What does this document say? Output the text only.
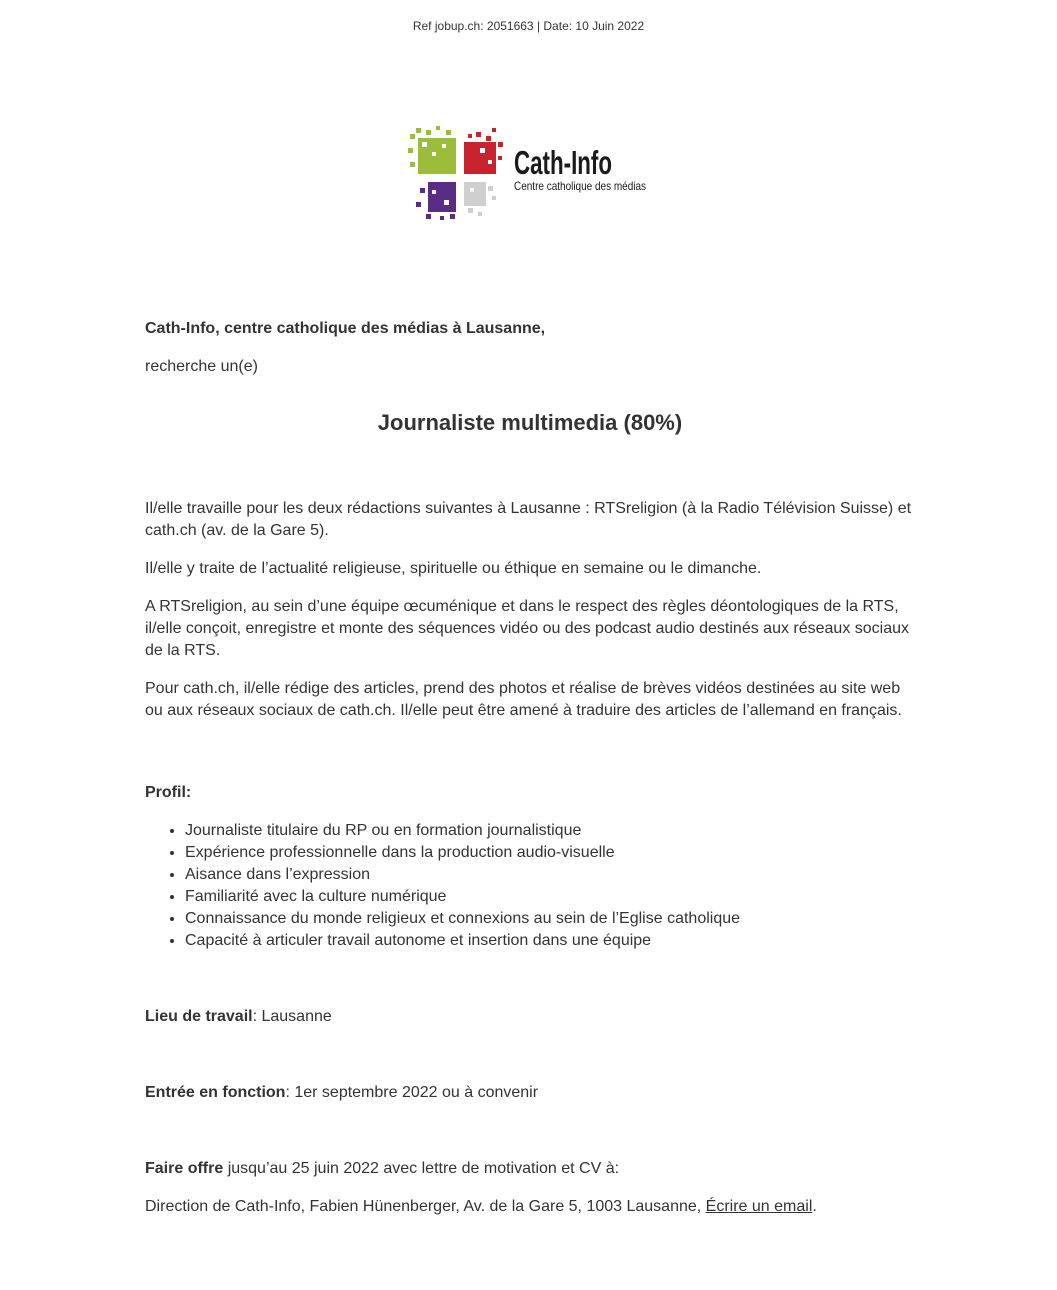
Ref jobup.ch: 2051663 | Date: 10 Juin 2022
Cath-Info
Centre catholique des médias

Cath-Info, centre catholique des médias à Lausanne,

recherche un(e)

Journaliste multimedia (80%)

Il/elle travaille pour les deux rédactions suivantes à Lausanne : RTSreligion (à la Radio Télévision Suisse) et cath.ch (av. de la Gare 5).

Il/elle y traite de l’actualité religieuse, spirituelle ou éthique en semaine ou le dimanche.

A RTSreligion, au sein d’une équipe œcuménique et dans le respect des règles déontologiques de la RTS, il/elle conçoit, enregistre et monte des séquences vidéo ou des podcast audio destinés aux réseaux sociaux de la RTS.

Pour cath.ch, il/elle rédige des articles, prend des photos et réalise de brèves vidéos destinées au site web ou aux réseaux sociaux de cath.ch. Il/elle peut être amené à traduire des articles de l’allemand en français.

Profil:

• Journaliste titulaire du RP ou en formation journalistique
• Expérience professionnelle dans la production audio-visuelle
• Aisance dans l’expression
• Familiarité avec la culture numérique
• Connaissance du monde religieux et connexions au sein de l’Eglise catholique
• Capacité à articuler travail autonome et insertion dans une équipe

Lieu de travail: Lausanne

Entrée en fonction: 1er septembre 2022 ou à convenir

Faire offre jusqu’au 25 juin 2022 avec lettre de motivation et CV à:

Direction de Cath-Info, Fabien Hünenberger, Av. de la Gare 5, 1003 Lausanne, Écrire un email.
